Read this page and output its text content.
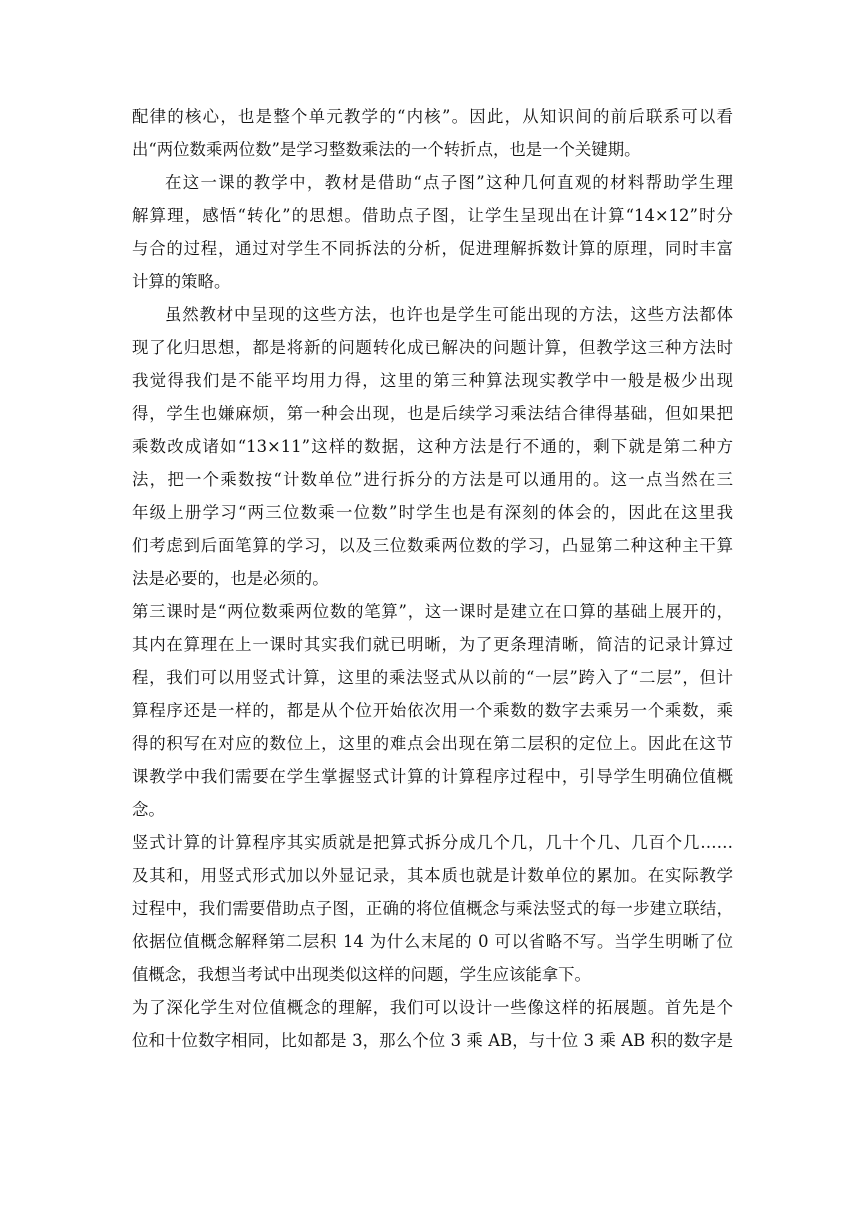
配律的核心，也是整个单元教学的“内核”。因此，从知识间的前后联系可以看
出“两位数乘两位数”是学习整数乘法的一个转折点，也是一个关键期。
在这一课的教学中，教材是借助“点子图”这种几何直观的材料帮助学生理
解算理，感悟“转化”的思想。借助点子图，让学生呈现出在计算“14×12”时分
与合的过程，通过对学生不同拆法的分析，促进理解拆数计算的原理，同时丰富
计算的策略。
虽然教材中呈现的这些方法，也许也是学生可能出现的方法，这些方法都体
现了化归思想，都是将新的问题转化成已解决的问题计算，但教学这三种方法时
我觉得我们是不能平均用力得，这里的第三种算法现实教学中一般是极少出现
得，学生也嫌麻烦，第一种会出现，也是后续学习乘法结合律得基础，但如果把
乘数改成诸如“13×11”这样的数据，这种方法是行不通的，剩下就是第二种方
法，把一个乘数按“计数单位”进行拆分的方法是可以通用的。这一点当然在三
年级上册学习“两三位数乘一位数”时学生也是有深刻的体会的，因此在这里我
们考虑到后面笔算的学习，以及三位数乘两位数的学习，凸显第二种这种主干算
法是必要的，也是必须的。
第三课时是“两位数乘两位数的笔算”，这一课时是建立在口算的基础上展开的，
其内在算理在上一课时其实我们就已明晰，为了更条理清晰，简洁的记录计算过
程，我们可以用竖式计算，这里的乘法竖式从以前的“一层”跨入了“二层”，但计
算程序还是一样的，都是从个位开始依次用一个乘数的数字去乘另一个乘数，乘
得的积写在对应的数位上，这里的难点会出现在第二层积的定位上。因此在这节
课教学中我们需要在学生掌握竖式计算的计算程序过程中，引导学生明确位值概
念。
竖式计算的计算程序其实质就是把算式拆分成几个几，几十个几、几百个几……
及其和，用竖式形式加以外显记录，其本质也就是计数单位的累加。在实际教学
过程中，我们需要借助点子图，正确的将位值概念与乘法竖式的每一步建立联结，
依据位值概念解释第二层积 14 为什么末尾的 0 可以省略不写。当学生明晰了位
值概念，我想当考试中出现类似这样的问题，学生应该能拿下。
为了深化学生对位值概念的理解，我们可以设计一些像这样的拓展题。首先是个
位和十位数字相同，比如都是 3，那么个位 3 乘 AB，与十位 3 乘 AB 积的数字是
